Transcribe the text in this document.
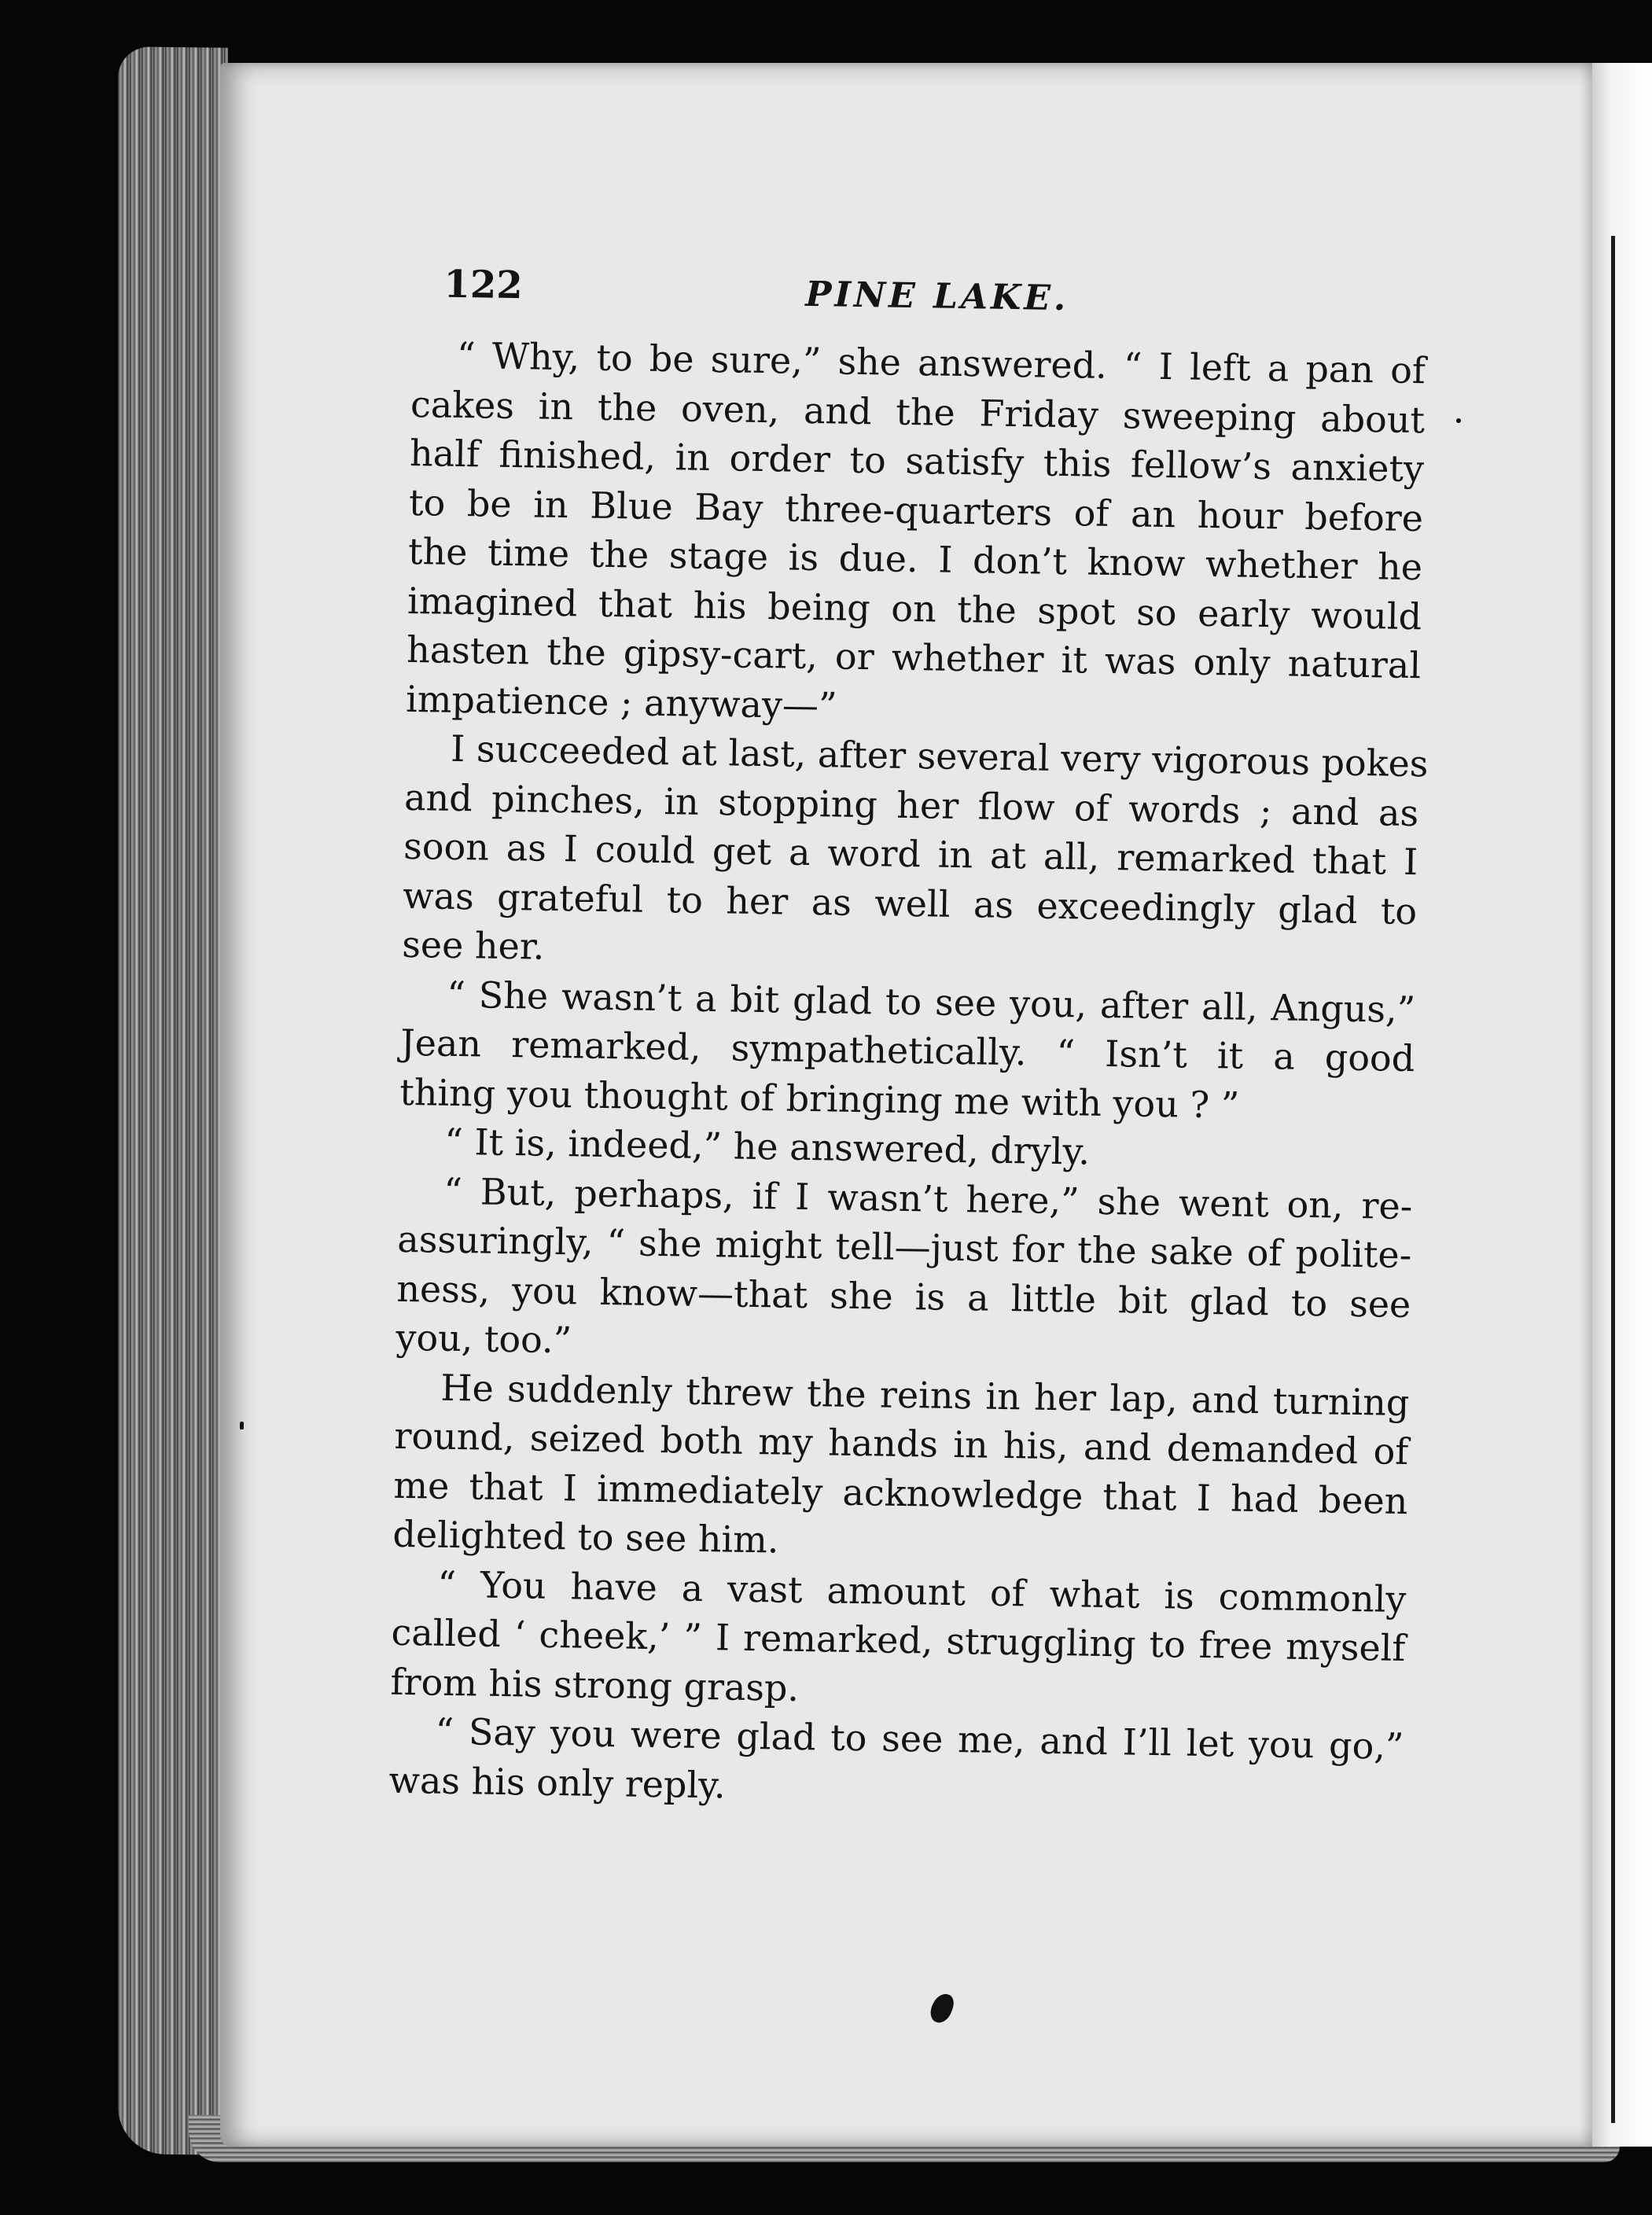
122	PINE LAKE.
“ Why, to be sure,” she answered. “ I left a pan of
cakes in the oven, and the Friday sweeping about
half finished, in order to satisfy this fellow’s anxiety
to be in Blue Bay three-quarters of an hour before
the time the stage is due. I don’t know whether he
imagined that his being on the spot so early would
hasten the gipsy-cart, or whether it was only natural
impatience ; anyway—”
I succeeded at last, after several very vigorous pokes
and pinches, in stopping her flow of words ; and as
soon as I could get a word in at all, remarked that I
was grateful to her as well as exceedingly glad to
see her.
“ She wasn’t a bit glad to see you, after all, Angus,”
Jean remarked, sympathetically. “ Isn’t it a good
thing you thought of bringing me with you ? ”
“ It is, indeed,” he answered, dryly.
“ But, perhaps, if I wasn’t here,” she went on, re-
assuringly, “ she might tell—just for the sake of polite-
ness, you know—that she is a little bit glad to see
you, too.”
He suddenly threw the reins in her lap, and turning
round, seized both my hands in his, and demanded of
me that I immediately acknowledge that I had been
delighted to see him.
“ You have a vast amount of what is commonly
called ‘ cheek,’ ” I remarked, struggling to free myself
from his strong grasp.
“ Say you were glad to see me, and I’ll let you go,”
was his only reply.
